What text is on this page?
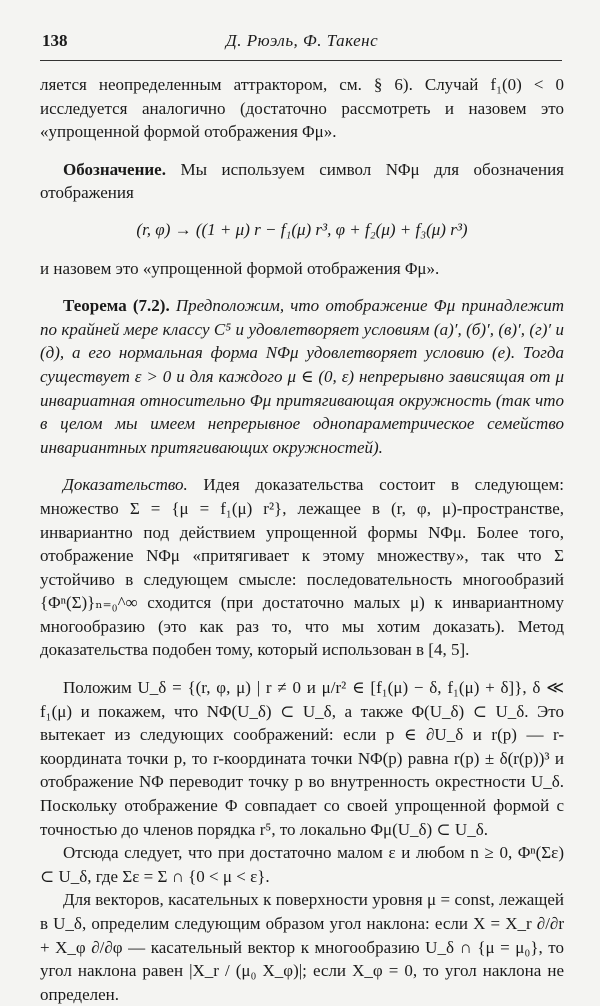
138	Д. Рюэль, Ф. Такенс

ляется неопределенным аттрактором, см. § 6). Случай f₁(0) < 0 исследуется аналогично (достаточно рассмотреть и назовем это «упрощенной формой отображения Φμ».

Обозначение. Мы используем символ NΦμ для обозначения отображения

(r, φ) → ((1 + μ) r − f₁(μ) r³, φ + f₂(μ) + f₃(μ) r³)

и назовем это «упрощенной формой отображения Φμ».

Теорема (7.2). Предположим, что отображение Φμ принадлежит по крайней мере классу C⁵ и удовлетворяет условиям (а)′, (б)′, (в)′, (г)′ и (д), а его нормальная форма NΦμ удовлетворяет условию (е). Тогда существует ε > 0 и для каждого μ ∈ (0, ε) непрерывно зависящая от μ инвариатная относительно Φμ притягивающая окружность (так что в целом мы имеем непрерывное однопараметрическое семейство инвариантных притягивающих окружностей).

Доказательство. Идея доказательства состоит в следующем: множество Σ = {μ = f₁(μ) r²}, лежащее в (r, φ, μ)-пространстве, инвариантно под действием упрощенной формы NΦμ. Более того, отображение NΦμ «притягивает к этому множеству», так что Σ устойчиво в следующем смысле: последовательность многообразий {Φⁿ(Σ)}ₙ₌₀^∞ сходится (при достаточно малых μ) к инвариантному многообразию (это как раз то, что мы хотим доказать). Метод доказательства подобен тому, который использован в [4, 5].

Положим U_δ = {(r, φ, μ) | r ≠ 0 и μ/r² ∈ [f₁(μ) − δ, f₁(μ) + δ]}, δ ≪ f₁(μ) и покажем, что NΦ(U_δ) ⊂ U_δ, а также Φ(U_δ) ⊂ U_δ. Это вытекает из следующих соображений: если p ∈ ∂U_δ и r(p) — r-координата точки p, то r-координата точки NΦ(p) равна r(p) ± δ(r(p))³ и отображение NΦ переводит точку p во внутренность окрестности U_δ. Поскольку отображение Φ совпадает со своей упрощенной формой с точностью до членов порядка r⁵, то локально Φμ(U_δ) ⊂ U_δ.

Отсюда следует, что при достаточно малом ε и любом n ≥ 0, Φⁿ(Σε) ⊂ U_δ, где Σε = Σ ∩ {0 < μ < ε}.

Для векторов, касательных к поверхности уровня μ = const, лежащей в U_δ, определим следующим образом угол наклона: если X = X_r ∂/∂r + X_φ ∂/∂φ — касательный вектор к многообразию U_δ ∩ {μ = μ₀}, то угол наклона равен |X_r / (μ₀ X_φ)|; если X_φ = 0, то угол наклона не определен.
